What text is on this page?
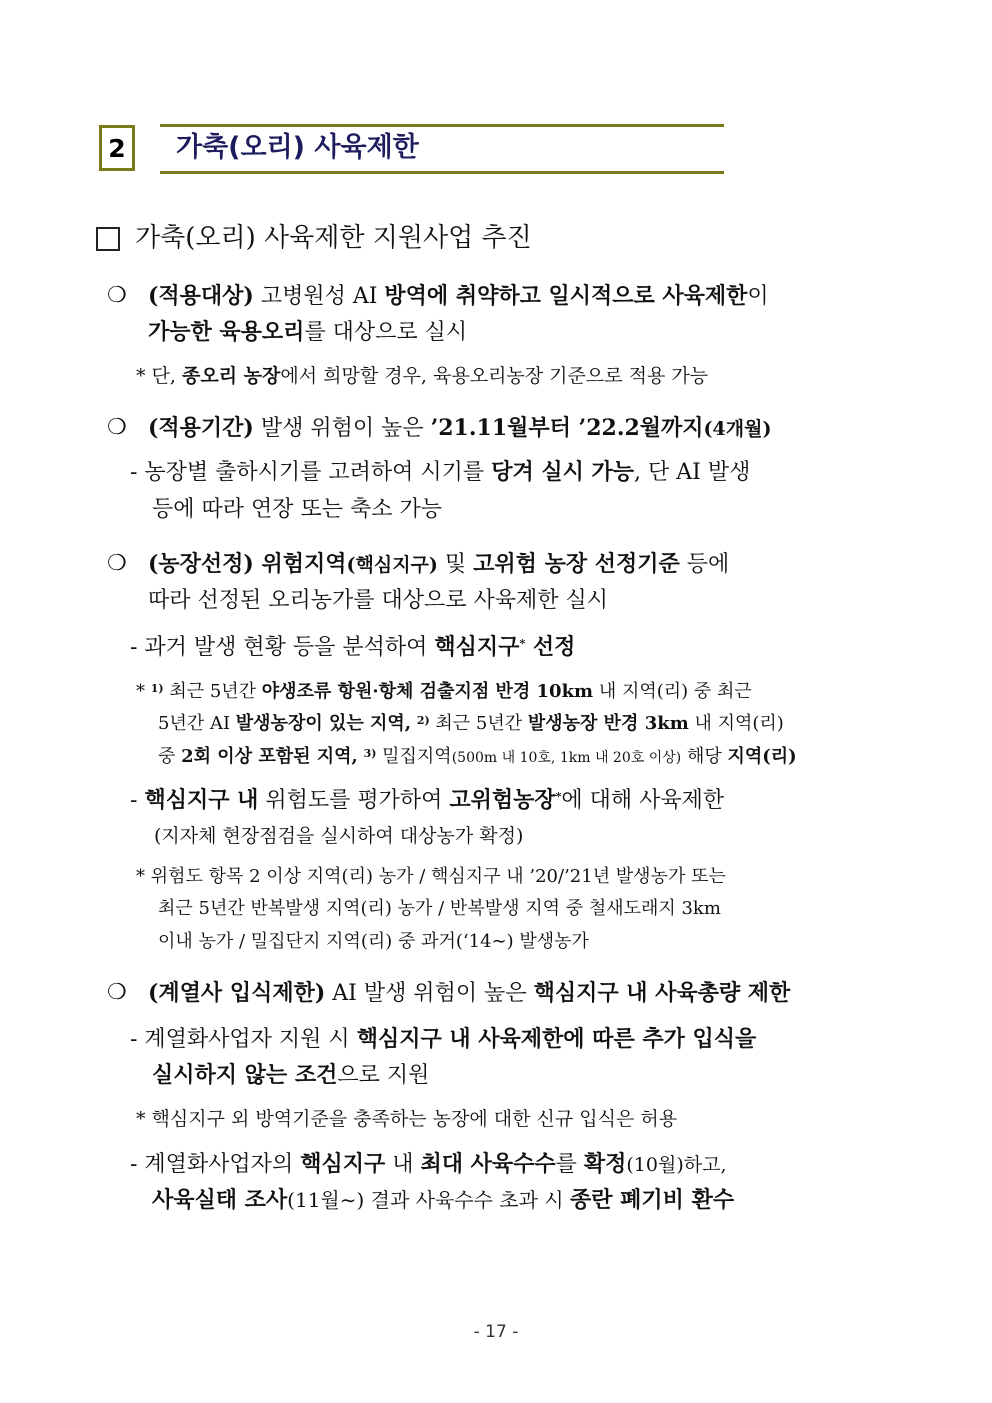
2 가축(오리) 사육제한
가축(오리) 사육제한 지원사업 추진
❍ (적용대상) 고병원성 AI 방역에 취약하고 일시적으로 사육제한이
가능한 육용오리를 대상으로 실시
* 단, 종오리 농장에서 희망할 경우, 육용오리농장 기준으로 적용 가능
❍ (적용기간) 발생 위험이 높은 ’21.11월부터 ’22.2월까지(4개월)
- 농장별 출하시기를 고려하여 시기를 당겨 실시 가능, 단 AI 발생
등에 따라 연장 또는 축소 가능
❍ (농장선정) 위험지역(핵심지구) 및 고위험 농장 선정기준 등에
따라 선정된 오리농가를 대상으로 사육제한 실시
- 과거 발생 현황 등을 분석하여 핵심지구* 선정
* $^{1)}$ 최근 5년간 야생조류 항원·항체 검출지점 반경 10km 내 지역(리) 중 최근
5년간 AI 발생농장이 있는 지역, $^{2)}$ 최근 5년간 발생농장 반경 3km 내 지역(리)
중 2회 이상 포함된 지역, $^{3)}$ 밀집지역(500m 내 10호, 1km 내 20호 이상) 해당 지역(리)
- 핵심지구 내 위험도를 평가하여 고위험농장*에 대해 사육제한
(지자체 현장점검을 실시하여 대상농가 확정)
* 위험도 항목 2 이상 지역(리) 농가 / 핵심지구 내 ’20/’21년 발생농가 또는
최근 5년간 반복발생 지역(리) 농가 / 반복발생 지역 중 철새도래지 3km
이내 농가 / 밀집단지 지역(리) 중 과거(‘14∼) 발생농가
❍ (계열사 입식제한) AI 발생 위험이 높은 핵심지구 내 사육총량 제한
- 계열화사업자 지원 시 핵심지구 내 사육제한에 따른 추가 입식을
실시하지 않는 조건으로 지원
* 핵심지구 외 방역기준을 충족하는 농장에 대한 신규 입식은 허용
- 계열화사업자의 핵심지구 내 최대 사육수수를 확정(10월)하고,
사육실태 조사(11월∼) 결과 사육수수 초과 시 종란 폐기비 환수
- 17 -
